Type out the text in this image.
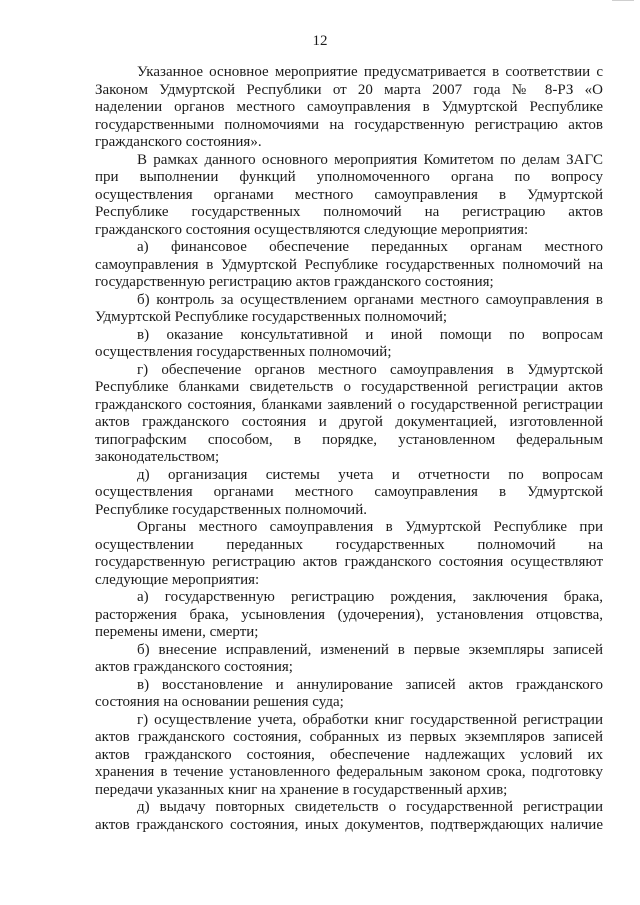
12
Указанное основное мероприятие предусматривается в соответствии с
Законом Удмуртской Республики от 20 марта 2007 года № 8-РЗ «О
наделении органов местного самоуправления в Удмуртской Республике
государственными полномочиями на государственную регистрацию актов
гражданского состояния».
В рамках данного основного мероприятия Комитетом по делам ЗАГС
при выполнении функций уполномоченного органа по вопросу
осуществления органами местного самоуправления в Удмуртской
Республике государственных полномочий на регистрацию актов
гражданского состояния осуществляются следующие мероприятия:
а) финансовое обеспечение переданных органам местного
самоуправления в Удмуртской Республике государственных полномочий на
государственную регистрацию актов гражданского состояния;
б) контроль за осуществлением органами местного самоуправления в
Удмуртской Республике государственных полномочий;
в) оказание консультативной и иной помощи по вопросам
осуществления государственных полномочий;
г) обеспечение органов местного самоуправления в Удмуртской
Республике бланками свидетельств о государственной регистрации актов
гражданского состояния, бланками заявлений о государственной регистрации
актов гражданского состояния и другой документацией, изготовленной
типографским способом, в порядке, установленном федеральным
законодательством;
д) организация системы учета и отчетности по вопросам
осуществления органами местного самоуправления в Удмуртской
Республике государственных полномочий.
Органы местного самоуправления в Удмуртской Республике при
осуществлении переданных государственных полномочий на
государственную регистрацию актов гражданского состояния осуществляют
следующие мероприятия:
а) государственную регистрацию рождения, заключения брака,
расторжения брака, усыновления (удочерения), установления отцовства,
перемены имени, смерти;
б) внесение исправлений, изменений в первые экземпляры записей
актов гражданского состояния;
в) восстановление и аннулирование записей актов гражданского
состояния на основании решения суда;
г) осуществление учета, обработки книг государственной регистрации
актов гражданского состояния, собранных из первых экземпляров записей
актов гражданского состояния, обеспечение надлежащих условий их
хранения в течение установленного федеральным законом срока, подготовку
передачи указанных книг на хранение в государственный архив;
д) выдачу повторных свидетельств о государственной регистрации
актов гражданского состояния, иных документов, подтверждающих наличие
